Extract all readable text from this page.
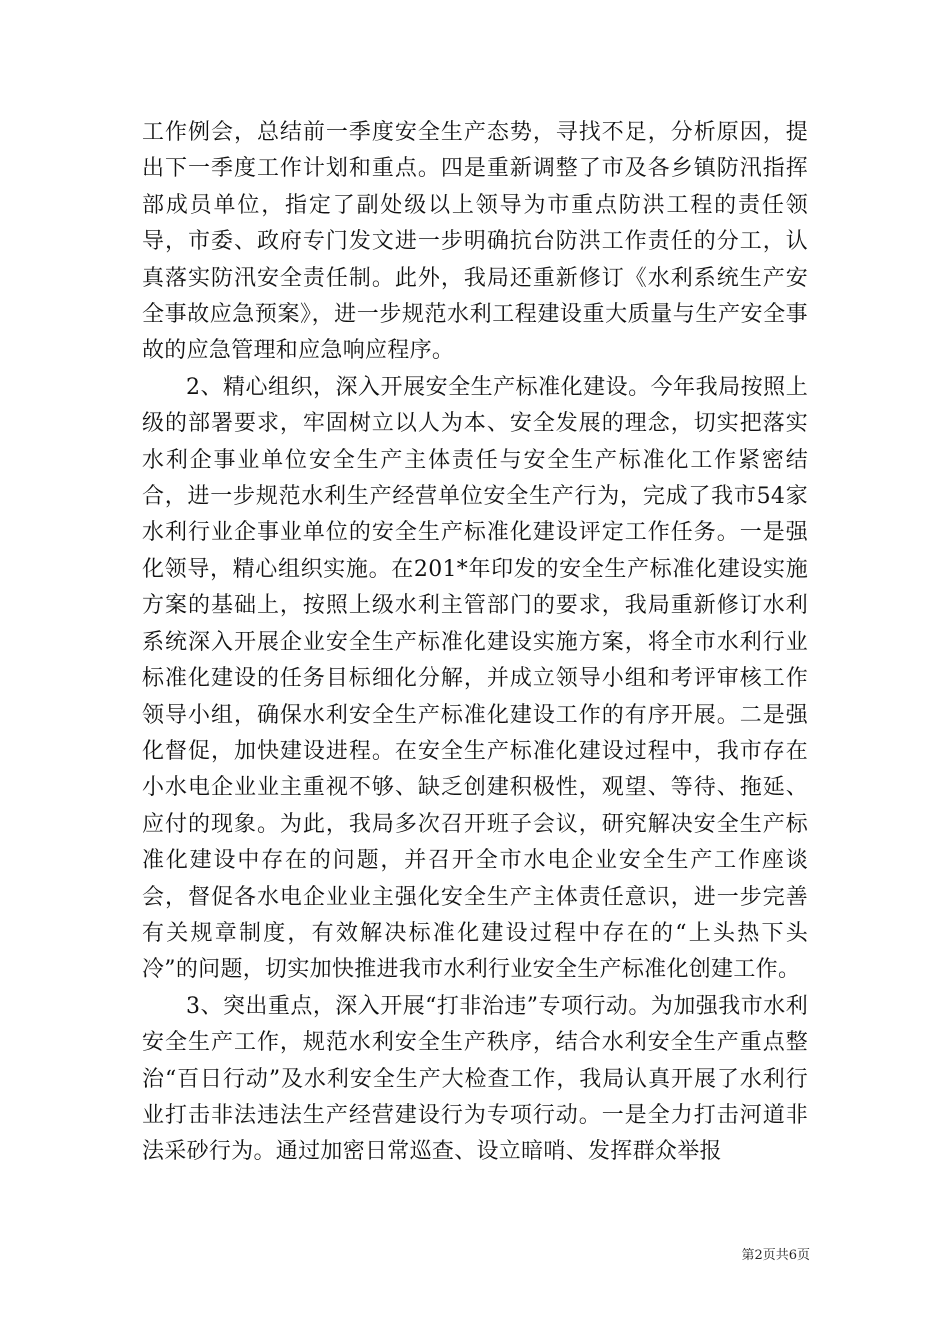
工作例会，总结前一季度安全生产态势，寻找不足，分析原因，提出下一季度工作计划和重点。四是重新调整了市及各乡镇防汛指挥部成员单位，指定了副处级以上领导为市重点防洪工程的责任领导，市委、政府专门发文进一步明确抗台防洪工作责任的分工，认真落实防汛安全责任制。此外，我局还重新修订《水利系统生产安全事故应急预案》，进一步规范水利工程建设重大质量与生产安全事故的应急管理和应急响应程序。

2、精心组织，深入开展安全生产标准化建设。今年我局按照上级的部署要求，牢固树立以人为本、安全发展的理念，切实把落实水利企事业单位安全生产主体责任与安全生产标准化工作紧密结合，进一步规范水利生产经营单位安全生产行为，完成了我市54家水利行业企事业单位的安全生产标准化建设评定工作任务。一是强化领导，精心组织实施。在201*年印发的安全生产标准化建设实施方案的基础上，按照上级水利主管部门的要求，我局重新修订水利系统深入开展企业安全生产标准化建设实施方案，将全市水利行业标准化建设的任务目标细化分解，并成立领导小组和考评审核工作领导小组，确保水利安全生产标准化建设工作的有序开展。二是强化督促，加快建设进程。在安全生产标准化建设过程中，我市存在小水电企业业主重视不够、缺乏创建积极性，观望、等待、拖延、应付的现象。为此，我局多次召开班子会议，研究解决安全生产标准化建设中存在的问题，并召开全市水电企业安全生产工作座谈会，督促各水电企业业主强化安全生产主体责任意识，进一步完善有关规章制度，有效解决标准化建设过程中存在的“上头热下头冷”的问题，切实加快推进我市水利行业安全生产标准化创建工作。

3、突出重点，深入开展“打非治违”专项行动。为加强我市水利安全生产工作，规范水利安全生产秩序，结合水利安全生产重点整治“百日行动”及水利安全生产大检查工作，我局认真开展了水利行业打击非法违法生产经营建设行为专项行动。一是全力打击河道非法采砂行为。通过加密日常巡查、设立暗哨、发挥群众举报

第2页共6页
